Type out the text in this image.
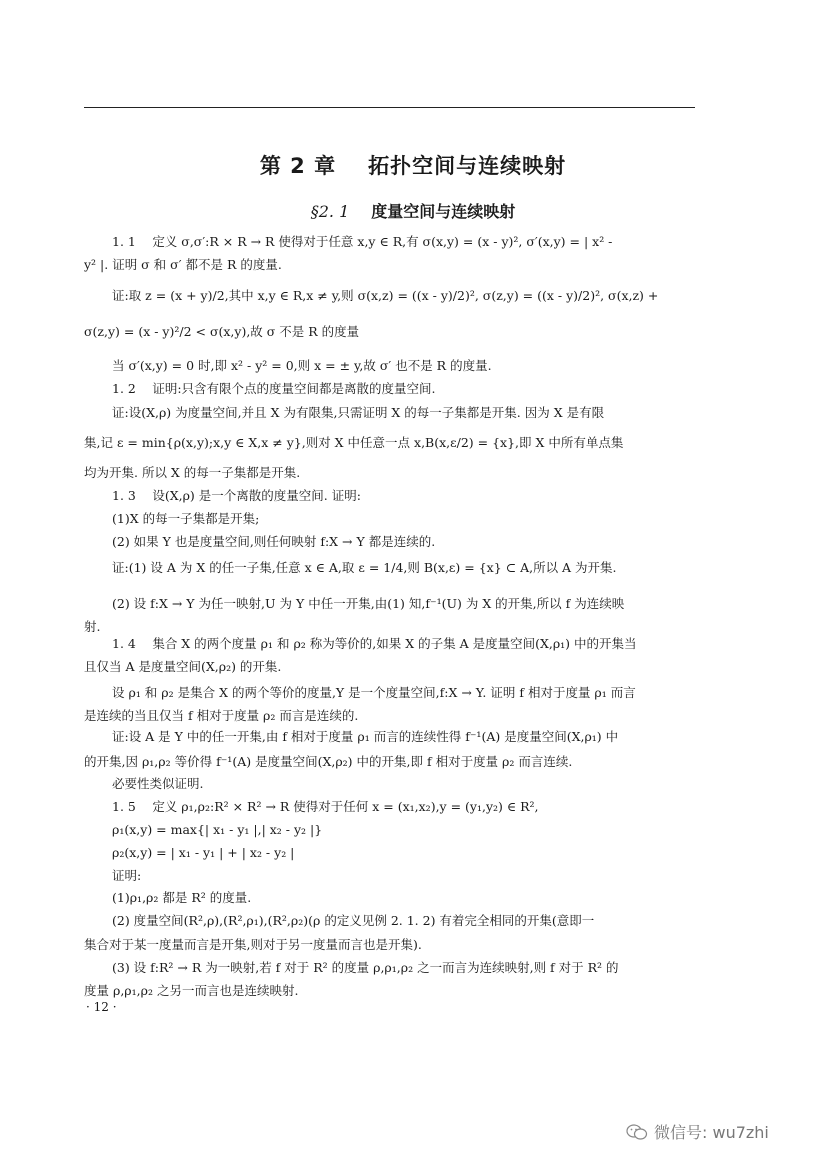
第 2 章 拓扑空间与连续映射
§2. 1 度量空间与连续映射
1. 1　 定义 σ,σ′:R × R → R 使得对于任意 x,y ∈ R,有 σ(x,y) = (x - y)², σ′(x,y) = | x² -
y² |. 证明 σ 和 σ′ 都不是 R 的度量.
证:取 z = (x + y)/2,其中 x,y ∈ R,x ≠ y,则 σ(x,z) = ((x - y)/2)², σ(z,y) = ((x - y)/2)², σ(x,z) +
σ(z,y) = (x - y)²/2 < σ(x,y),故 σ 不是 R 的度量
当 σ′(x,y) = 0 时,即 x² - y² = 0,则 x = ± y,故 σ′ 也不是 R 的度量.
1. 2　 证明:只含有限个点的度量空间都是离散的度量空间.
证:设(X,ρ) 为度量空间,并且 X 为有限集,只需证明 X 的每一子集都是开集. 因为 X 是有限
集,记 ε = min{ρ(x,y);x,y ∈ X,x ≠ y},则对 X 中任意一点 x,B(x,ε/2) = {x},即 X 中所有单点集
均为开集. 所以 X 的每一子集都是开集.
1. 3　 设(X,ρ) 是一个离散的度量空间. 证明:
(1)X 的每一子集都是开集;
(2) 如果 Y 也是度量空间,则任何映射 f:X → Y 都是连续的.
证:(1) 设 A 为 X 的任一子集,任意 x ∈ A,取 ε = 1/4,则 B(x,ε) = {x} ⊂ A,所以 A 为开集.
(2) 设 f:X → Y 为任一映射,U 为 Y 中任一开集,由(1) 知,f⁻¹(U) 为 X 的开集,所以 f 为连续映
射.
1. 4　 集合 X 的两个度量 ρ₁ 和 ρ₂ 称为等价的,如果 X 的子集 A 是度量空间(X,ρ₁) 中的开集当
且仅当 A 是度量空间(X,ρ₂) 的开集.
设 ρ₁ 和 ρ₂ 是集合 X 的两个等价的度量,Y 是一个度量空间,f:X → Y. 证明 f 相对于度量 ρ₁ 而言
是连续的当且仅当 f 相对于度量 ρ₂ 而言是连续的.
证:设 A 是 Y 中的任一开集,由 f 相对于度量 ρ₁ 而言的连续性得 f⁻¹(A) 是度量空间(X,ρ₁) 中
的开集,因 ρ₁,ρ₂ 等价得 f⁻¹(A) 是度量空间(X,ρ₂) 中的开集,即 f 相对于度量 ρ₂ 而言连续.
必要性类似证明.
1. 5　 定义 ρ₁,ρ₂:R² × R² → R 使得对于任何 x = (x₁,x₂),y = (y₁,y₂) ∈ R²,
ρ₁(x,y) = max{| x₁ - y₁ |,| x₂ - y₂ |}
ρ₂(x,y) = | x₁ - y₁ | + | x₂ - y₂ |
证明:
(1)ρ₁,ρ₂ 都是 R² 的度量.
(2) 度量空间(R²,ρ),(R²,ρ₁),(R²,ρ₂)(ρ 的定义见例 2. 1. 2) 有着完全相同的开集(意即一
集合对于某一度量而言是开集,则对于另一度量而言也是开集).
(3) 设 f:R² → R 为一映射,若 f 对于 R² 的度量 ρ,ρ₁,ρ₂ 之一而言为连续映射,则 f 对于 R² 的
度量 ρ,ρ₁,ρ₂ 之另一而言也是连续映射.
· 12 ·
微信号: wu7zhi
